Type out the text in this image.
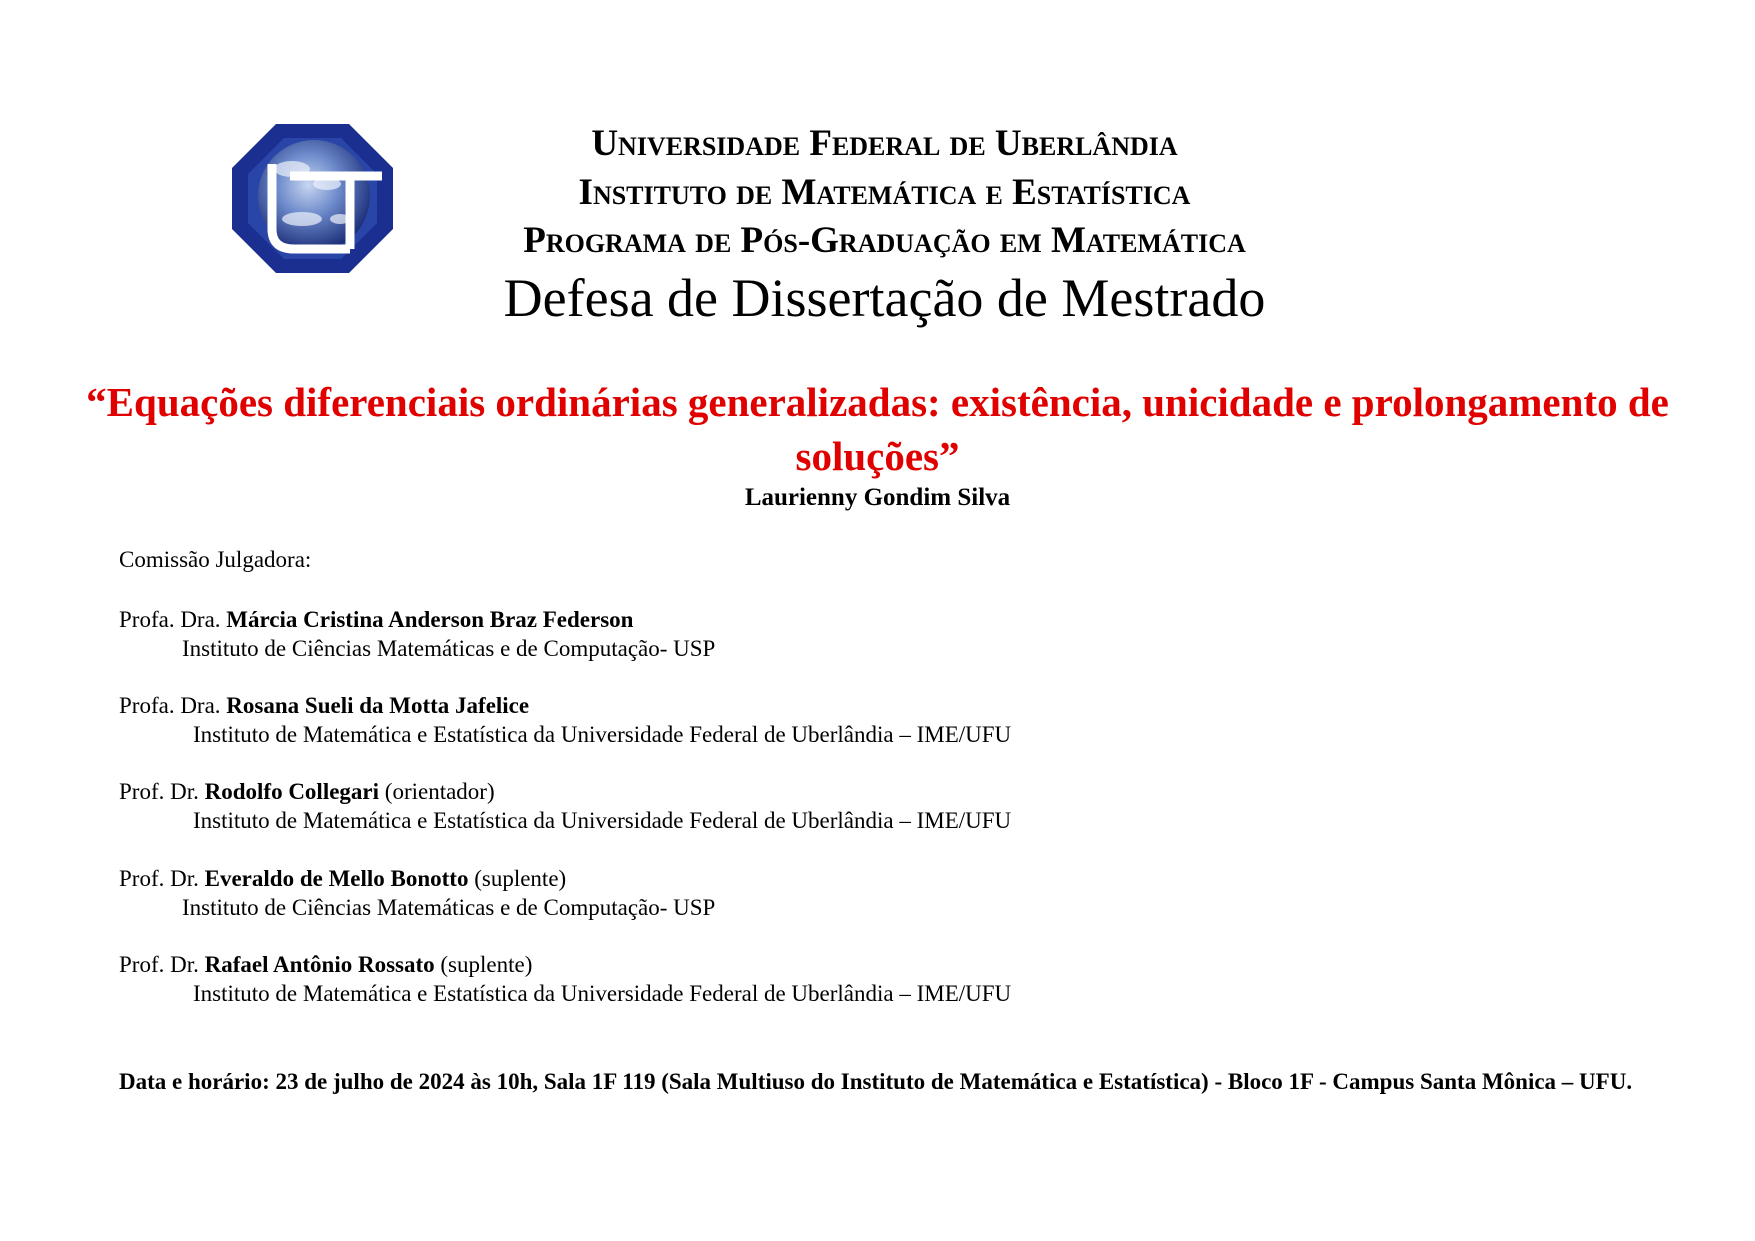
Universidade Federal de Uberlândia
Instituto de Matemática e Estatística
Programa de Pós-Graduação em Matemática
Defesa de Dissertação de Mestrado
“Equações diferenciais ordinárias generalizadas: existência, unicidade e prolongamento de soluções”
Laurienny Gondim Silva
Comissão Julgadora:
Profa. Dra. Márcia Cristina Anderson Braz Federson
Instituto de Ciências Matemáticas e de Computação- USP
Profa. Dra. Rosana Sueli da Motta Jafelice
Instituto de Matemática e Estatística da Universidade Federal de Uberlândia – IME/UFU
Prof. Dr. Rodolfo Collegari (orientador)
Instituto de Matemática e Estatística da Universidade Federal de Uberlândia – IME/UFU
Prof. Dr. Everaldo de Mello Bonotto (suplente)
Instituto de Ciências Matemáticas e de Computação- USP
Prof. Dr. Rafael Antônio Rossato (suplente)
Instituto de Matemática e Estatística da Universidade Federal de Uberlândia – IME/UFU
Data e horário: 23 de julho de 2024 às 10h, Sala 1F 119 (Sala Multiuso do Instituto de Matemática e Estatística) - Bloco 1F - Campus Santa Mônica – UFU.
